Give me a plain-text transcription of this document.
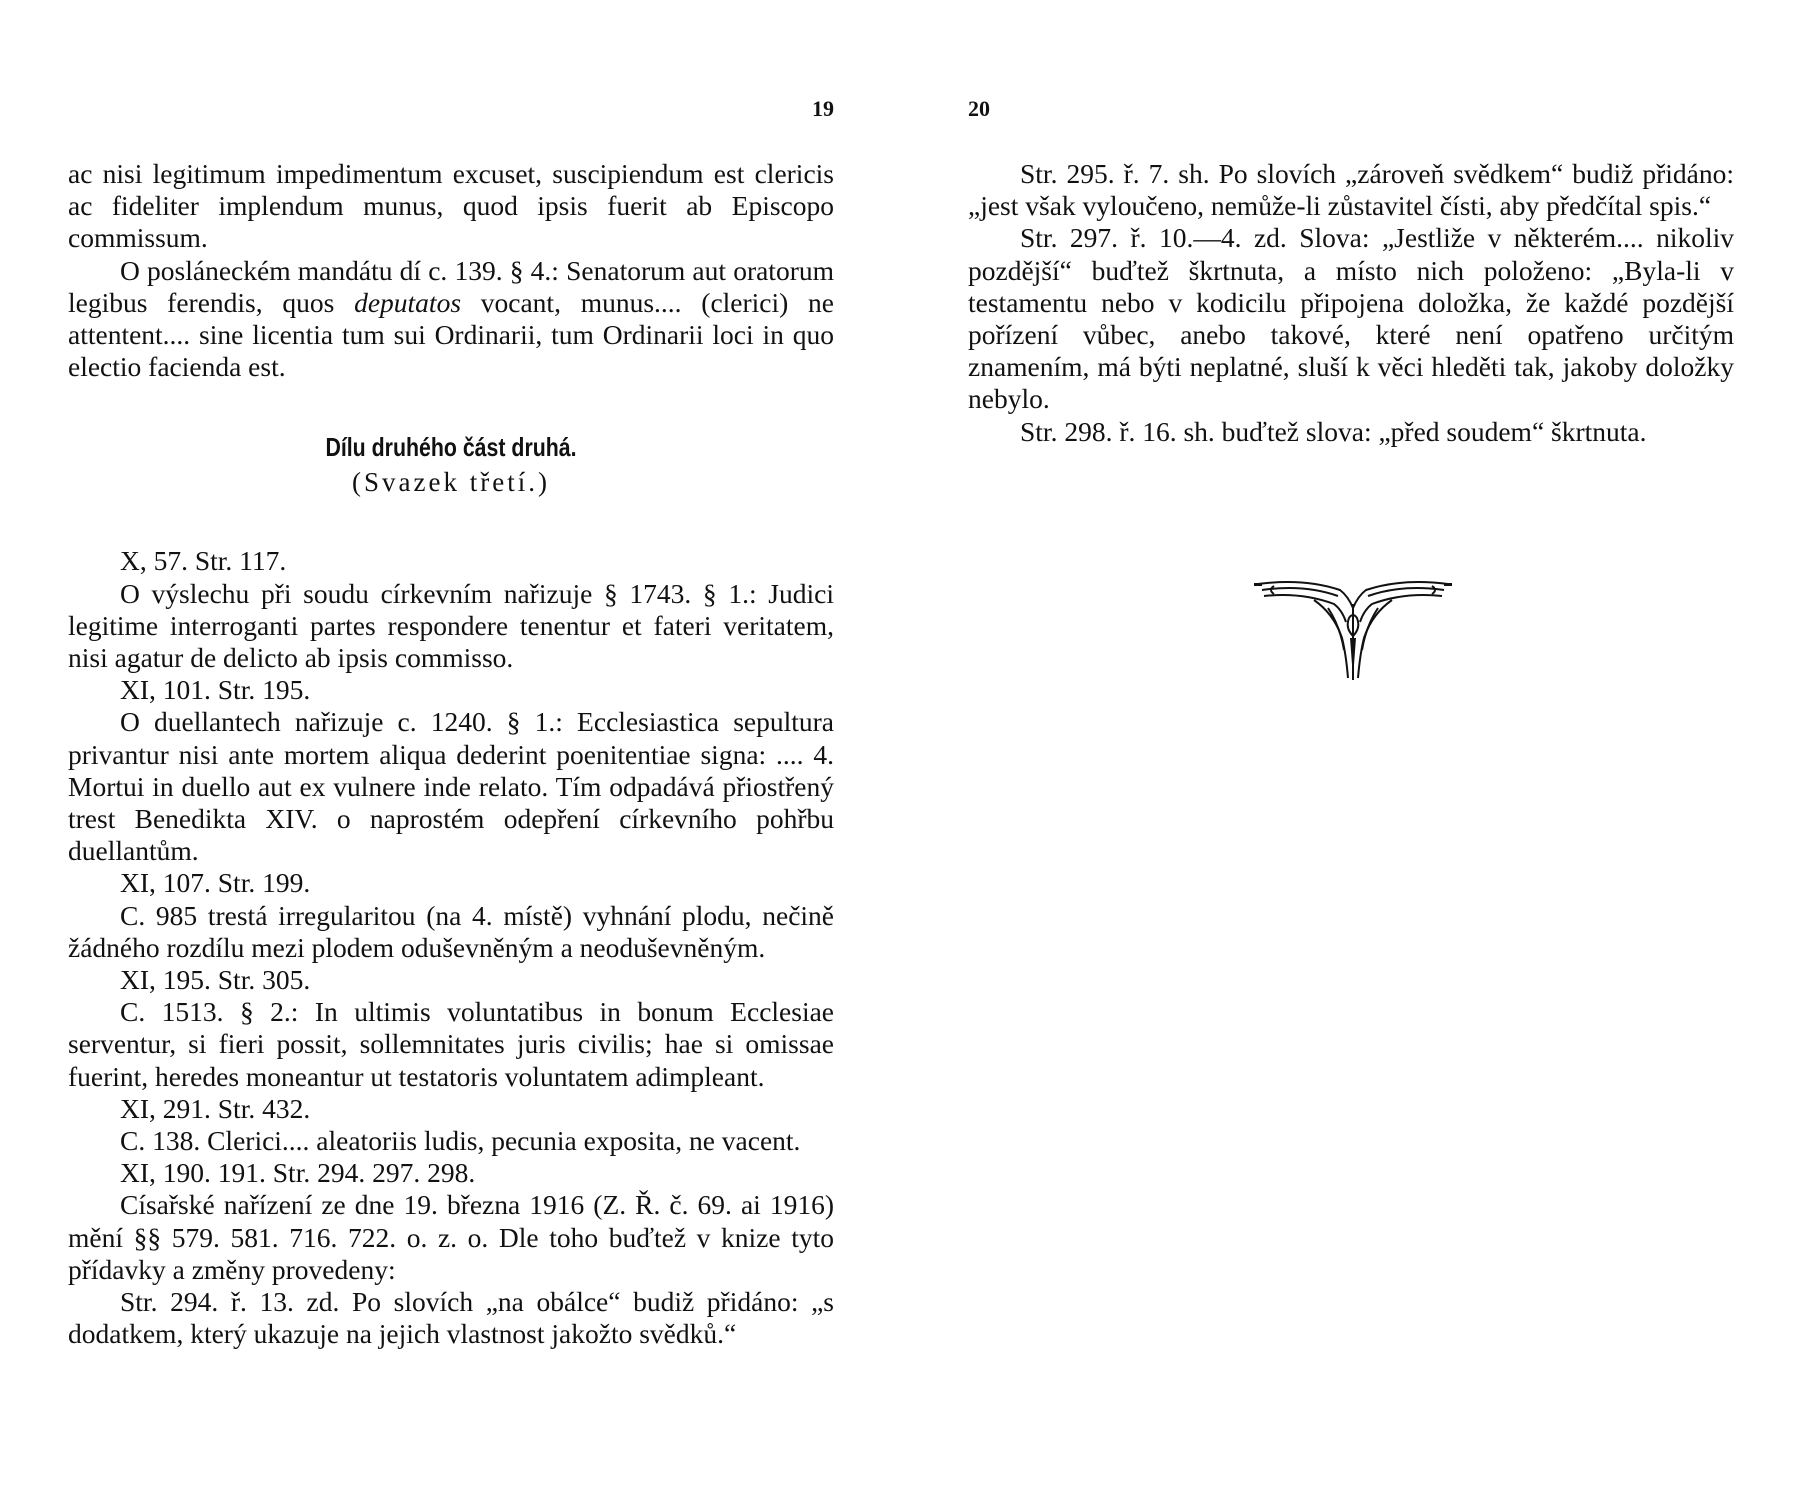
19

ac nisi legitimum impedimentum excuset, suscipiendum est clericis ac fideliter implendum munus, quod ipsis fuerit ab Episcopo commissum.

O posláneckém mandátu dí c. 139. § 4.: Senatorum aut oratorum legibus ferendis, quos deputatos vocant, munus.... (clerici) ne attentent.... sine licentia tum sui Ordinarii, tum Ordinarii loci in quo electio facienda est.

Dílu druhého část druhá.
(Svazek třetí.)

X, 57. Str. 117.

O výslechu při soudu církevním nařizuje § 1743. § 1.: Judici legitime interroganti partes respondere tenentur et fateri veritatem, nisi agatur de delicto ab ipsis commisso.

XI, 101. Str. 195.

O duellantech nařizuje c. 1240. § 1.: Ecclesiastica sepultura privantur nisi ante mortem aliqua dederint poenitentiae signa: .... 4. Mortui in duello aut ex vulnere inde relato. Tím odpadává přiostřený trest Benedikta XIV. o naprostém odepření církevního pohřbu duellantům.

XI, 107. Str. 199.

C. 985 trestá irregularitou (na 4. místě) vyhnání plodu, nečině žádného rozdílu mezi plodem oduševněným a neoduševněným.

XI, 195. Str. 305.

C. 1513. § 2.: In ultimis voluntatibus in bonum Ecclesiae serventur, si fieri possit, sollemnitates juris civilis; hae si omissae fuerint, heredes moneantur ut testatoris voluntatem adimpleant.

XI, 291. Str. 432.

C. 138. Clerici.... aleatoriis ludis, pecunia exposita, ne vacent.

XI, 190. 191. Str. 294. 297. 298.

Císařské nařízení ze dne 19. března 1916 (Z. Ř. č. 69. ai 1916) mění §§ 579. 581. 716. 722. o. z. o. Dle toho buďtež v knize tyto přídavky a změny provedeny:

Str. 294. ř. 13. zd. Po slovích „na obálce“ budiž přidáno: „s dodatkem, který ukazuje na jejich vlastnost jakožto svědků.“

20

Str. 295. ř. 7. sh. Po slovích „zároveň svědkem“ budiž přidáno: „jest však vyloučeno, nemůže-li zůstavitel čísti, aby předčítal spis.“

Str. 297. ř. 10.—4. zd. Slova: „Jestliže v některém.... nikoliv pozdější“ buďtež škrtnuta, a místo nich položeno: „Byla-li v testamentu nebo v kodicilu připojena doložka, že každé pozdější pořízení vůbec, anebo takové, které není opatřeno určitým znamením, má býti neplatné, sluší k věci hleděti tak, jakoby doložky nebylo.

Str. 298. ř. 16. sh. buďtež slova: „před soudem“ škrtnuta.
